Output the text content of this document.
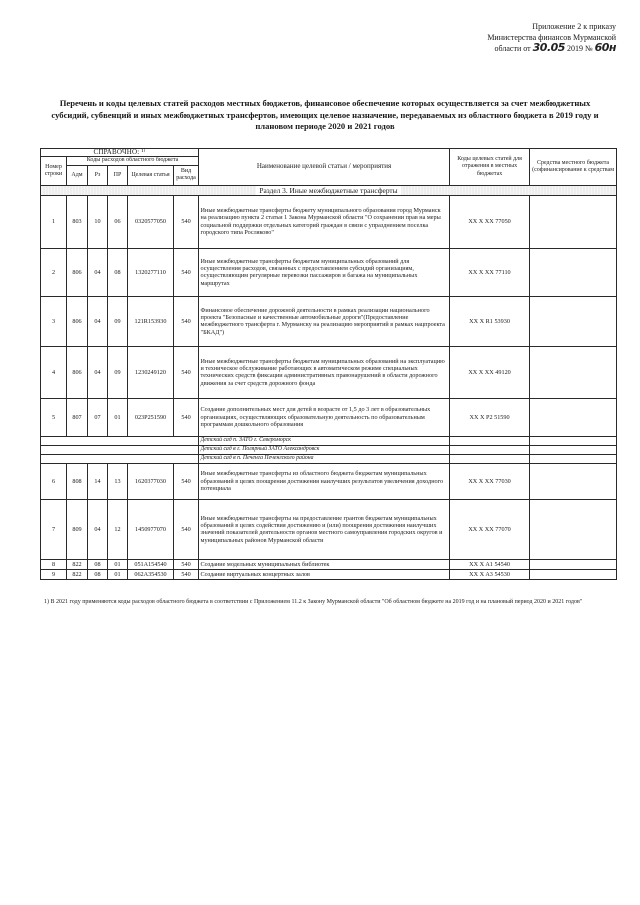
Приложение 2 к приказу
Министерства финансов Мурманской
области от 30.05 2019 № 60н
Перечень и коды целевых статей расходов местных бюджетов, финансовое обеспечение которых осуществляется за счет межбюджетных субсидий, субвенций и иных межбюджетных трансфертов, имеющих целевое назначение, передаваемых из областного бюджета в 2019 году и плановом периоде 2020 и 2021 годов
СПРАВОЧНО: ¹⁾						Наименование целевой статьи / мероприятия	Коды целевых статей для отражения в местных бюджетах	Средства местного бюджета (софинансирование к средствам
Номер строки	Коды расходов областного бюджета							
	Адм	Рз	ПР	Целевая статья	Вид расхода			
Раздел 3. Иные межбюджетные трансферты								
1	803	10	06	0320577050	540	Иные межбюджетные трансферты бюджету муниципального образования город Мурманск на реализацию пункта 2 статьи 1 Закона Мурманской области "О сохранении прав на меры социальной поддержки отдельных категорий граждан в связи с упразднением поселка городского типа Росляково"	XX X XX 77050	
2	806	04	08	1320277110	540	Иные межбюджетные трансферты бюджетам муниципальных образований для осуществления расходов, связанных с предоставлением субсидий организациям, осуществляющим регулярные перевозки пассажиров и багажа на муниципальных маршрутах	XX X XX 77110	
3	806	04	09	121R153930	540	Финансовое обеспечение дорожной деятельности в рамках реализации национального проекта "Безопасные и качественные автомобильные дороги"(Предоставление межбюджетного трансферта г. Мурманску на реализацию мероприятий в рамках нацпроекта "БКАД")	XX X R1 53930	
4	806	04	09	1230249120	540	Иные межбюджетные трансферты бюджетам муниципальных образований на эксплуатацию и техническое обслуживание работающих в автоматическом режиме специальных технических средств фиксации административных правонарушений в области дорожного движения за счет средств дорожного фонда	XX X XX 49120	
5	807	07	01	023P251590	540	Создание дополнительных мест для детей в возрасте от 1,5 до 3 лет в образовательных организациях, осуществляющих образовательную деятельность по образовательным программам дошкольного образования	XX X P2 51590	
						Детский сад п. ЗАТО г. Североморск		
						Детский сад в г. Полярный ЗАТО Александровск		
						Детский сад в п. Печенга Печенгского района		
6	808	14	13	1620377030	540	Иные межбюджетные трансферты из областного бюджета бюджетам муниципальных образований в целях поощрения достижения наилучших результатов увеличения доходного потенциала	XX X XX 77030	
7	809	04	12	1450977070	540	Иные межбюджетные трансферты на предоставление грантов бюджетам муниципальных образований в целях содействия достижению и (или) поощрения достижения наилучших значений показателей деятельности органов местного самоуправления городских округов и муниципальных районов Мурманской области	XX X XX 77070	
8	822	08	01	051A154540	540	Создание модельных муниципальных библиотек	XX X A1 54540	
9	822	08	01	062A354530	540	Создание виртуальных концертных залов	XX X A3 54530	
1) В 2021 году применяются коды расходов областного бюджета в соответствии с Приложением 11.2 к Закону Мурманской области "Об областном бюджете на 2019 год и на плановый период 2020 и 2021 годов"
